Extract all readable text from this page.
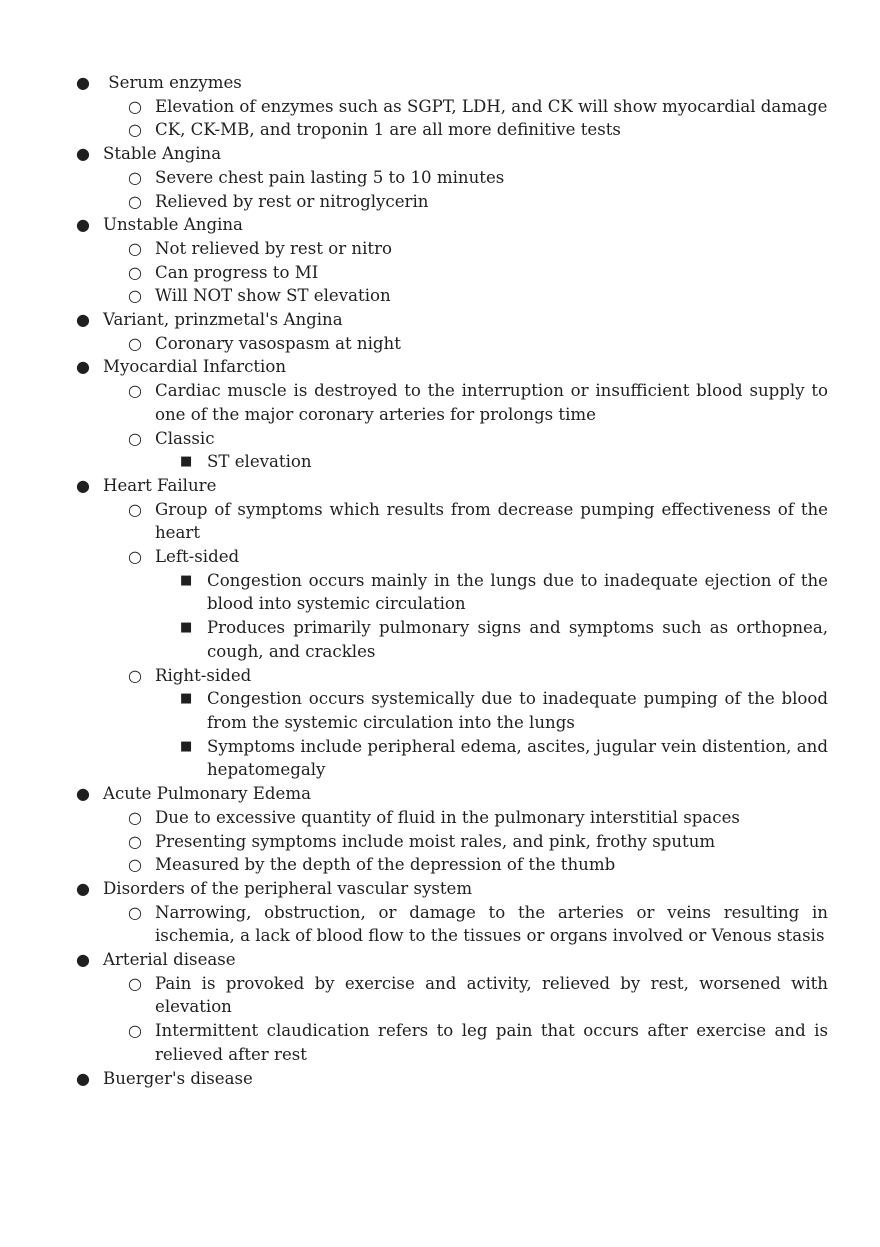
● Serum enzymes
○ Elevation of enzymes such as SGPT, LDH, and CK will show myocardial damage
○ CK, CK-MB, and troponin 1 are all more definitive tests
● Stable Angina
○ Severe chest pain lasting 5 to 10 minutes
○ Relieved by rest or nitroglycerin
● Unstable Angina
○ Not relieved by rest or nitro
○ Can progress to MI
○ Will NOT show ST elevation
● Variant, prinzmetal's Angina
○ Coronary vasospasm at night
● Myocardial Infarction
○ Cardiac muscle is destroyed to the interruption or insufficient blood supply to one of the major coronary arteries for prolongs time
○ Classic
■ ST elevation
● Heart Failure
○ Group of symptoms which results from decrease pumping effectiveness of the heart
○ Left-sided
■ Congestion occurs mainly in the lungs due to inadequate ejection of the blood into systemic circulation
■ Produces primarily pulmonary signs and symptoms such as orthopnea, cough, and crackles
○ Right-sided
■ Congestion occurs systemically due to inadequate pumping of the blood from the systemic circulation into the lungs
■ Symptoms include peripheral edema, ascites, jugular vein distention, and hepatomegaly
● Acute Pulmonary Edema
○ Due to excessive quantity of fluid in the pulmonary interstitial spaces
○ Presenting symptoms include moist rales, and pink, frothy sputum
○ Measured by the depth of the depression of the thumb
● Disorders of the peripheral vascular system
○ Narrowing, obstruction, or damage to the arteries or veins resulting in ischemia, a lack of blood flow to the tissues or organs involved or Venous stasis
● Arterial disease
○ Pain is provoked by exercise and activity, relieved by rest, worsened with elevation
○ Intermittent claudication refers to leg pain that occurs after exercise and is relieved after rest
● Buerger's disease
